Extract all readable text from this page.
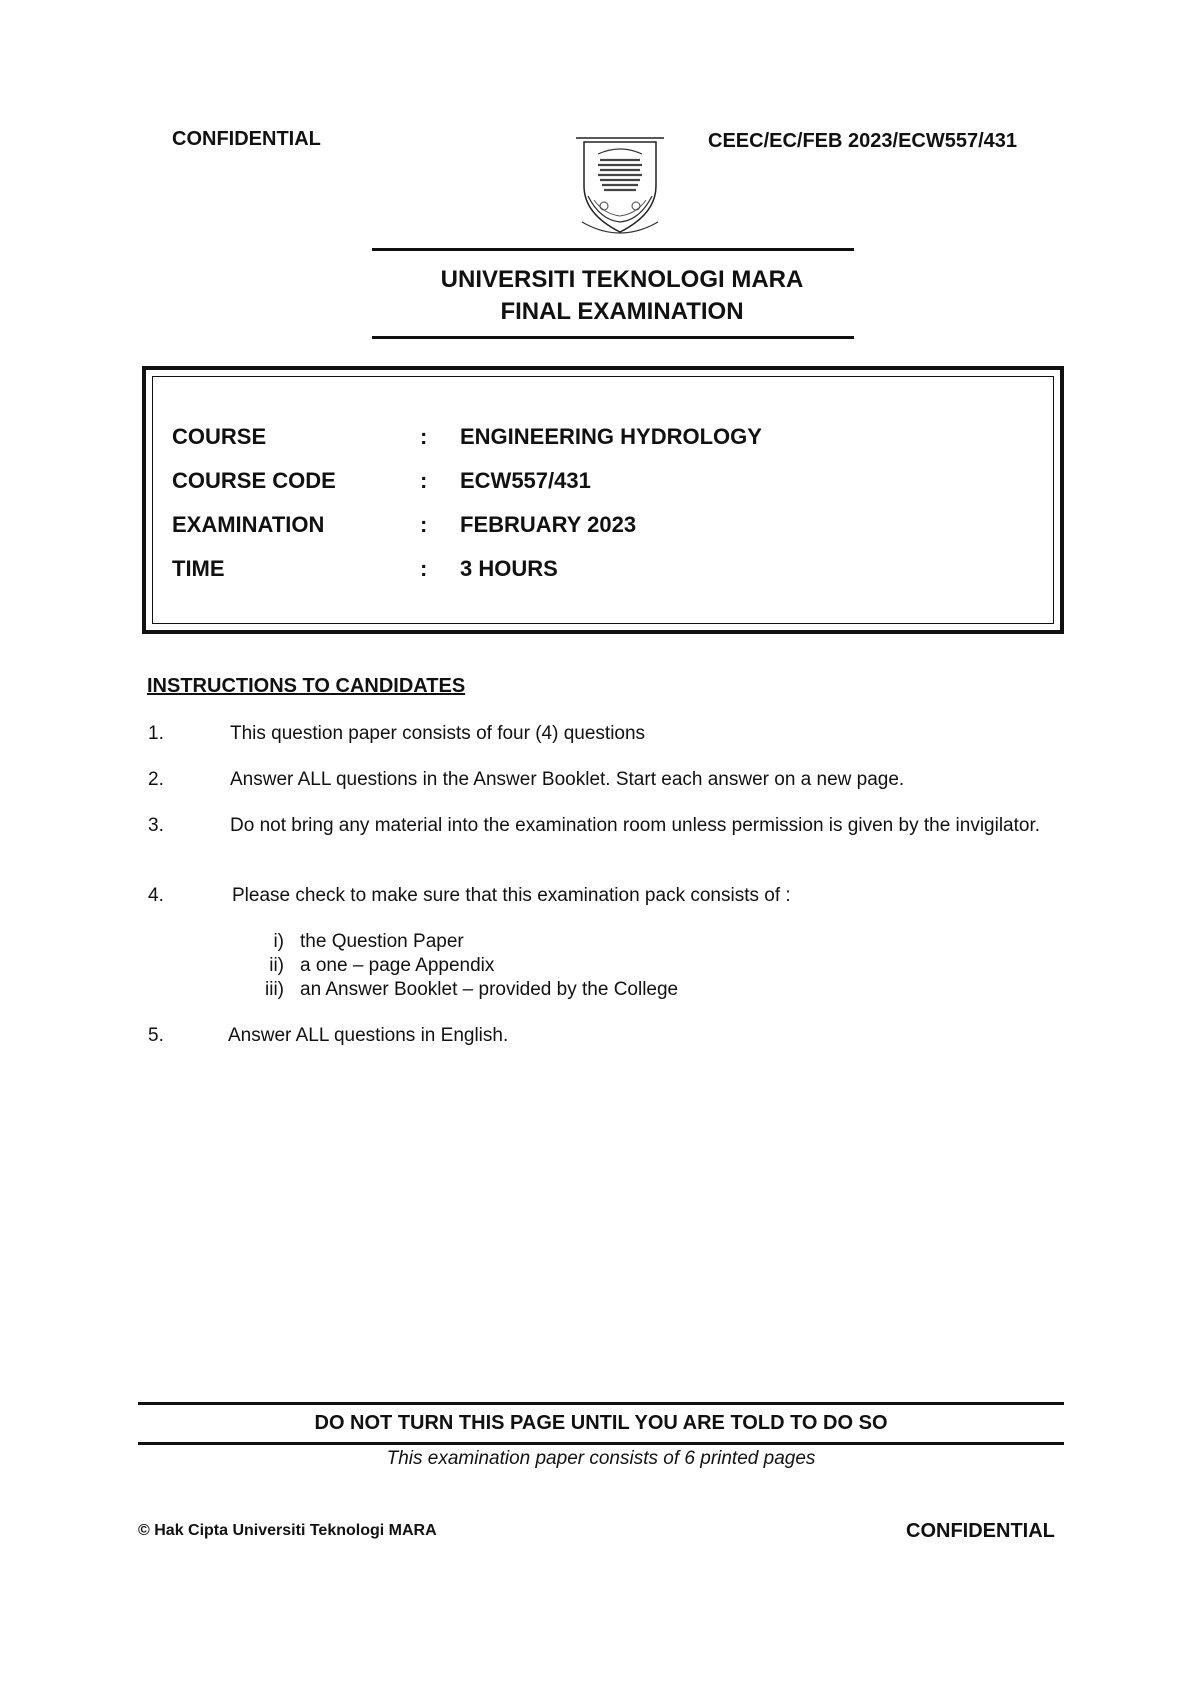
CONFIDENTIAL	CEEC/EC/FEB 2023/ECW557/431
UNIVERSITI TEKNOLOGI MARA
FINAL EXAMINATION
COURSE	: ENGINEERING HYDROLOGY
COURSE CODE	: ECW557/431
EXAMINATION	: FEBRUARY 2023
TIME	: 3 HOURS
INSTRUCTIONS TO CANDIDATES
1.	This question paper consists of four (4) questions
2.	Answer ALL questions in the Answer Booklet. Start each answer on a new page.
3.	Do not bring any material into the examination room unless permission is given by the invigilator.
4.	Please check to make sure that this examination pack consists of :
i) the Question Paper
ii) a one – page Appendix
iii) an Answer Booklet – provided by the College
5.	Answer ALL questions in English.
DO NOT TURN THIS PAGE UNTIL YOU ARE TOLD TO DO SO
This examination paper consists of 6 printed pages
© Hak Cipta Universiti Teknologi MARA	CONFIDENTIAL
